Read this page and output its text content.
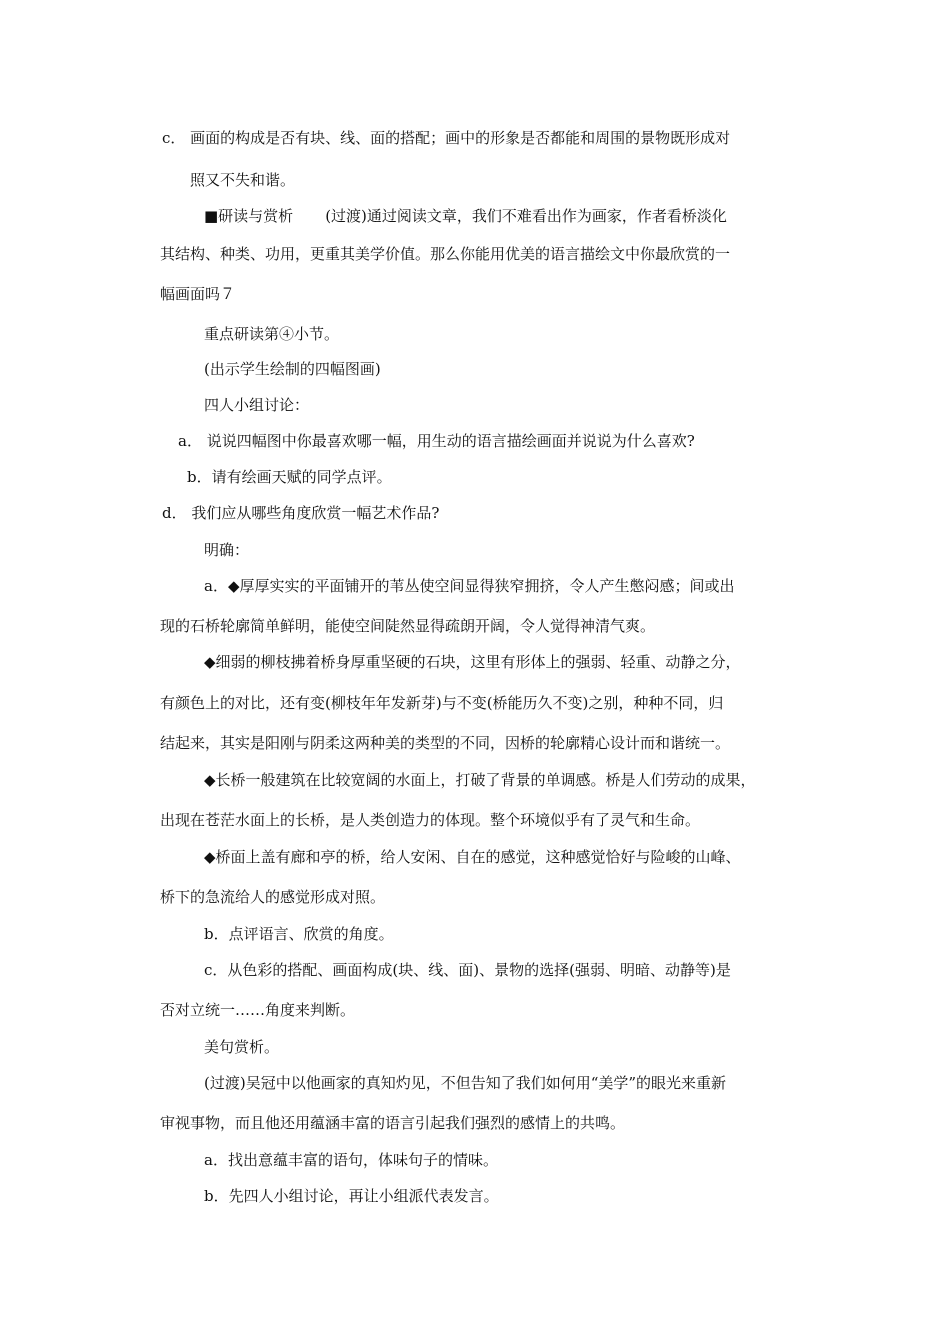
c． 画面的构成是否有块、线、面的搭配；画中的形象是否都能和周围的景物既形成对
照又不失和谐。
■研读与赏析 (过渡)通过阅读文章，我们不难看出作为画家，作者看桥淡化
其结构、种类、功用，更重其美学价值。那么你能用优美的语言描绘文中你最欣赏的一
幅画面吗７
重点研读第④小节。
(出示学生绘制的四幅图画)
四人小组讨论：
a． 说说四幅图中你最喜欢哪一幅，用生动的语言描绘画面并说说为什么喜欢?
b．请有绘画天赋的同学点评。
d． 我们应从哪些角度欣赏一幅艺术作品?
明确：
a．◆厚厚实实的平面铺开的苇丛使空间显得狭窄拥挤，令人产生憋闷感；间或出
现的石桥轮廓简单鲜明，能使空间陡然显得疏朗开阔，令人觉得神清气爽。
◆细弱的柳枝拂着桥身厚重坚硬的石块，这里有形体上的强弱、轻重、动静之分，
有颜色上的对比，还有变(柳枝年年发新芽)与不变(桥能历久不变)之别，种种不同，归
结起来，其实是阳刚与阴柔这两种美的类型的不同，因桥的轮廓精心设计而和谐统一。
◆长桥一般建筑在比较宽阔的水面上，打破了背景的单调感。桥是人们劳动的成果，
出现在苍茫水面上的长桥，是人类创造力的体现。整个环境似乎有了灵气和生命。
◆桥面上盖有廊和亭的桥，给人安闲、自在的感觉，这种感觉恰好与险峻的山峰、
桥下的急流给人的感觉形成对照。
b．点评语言、欣赏的角度。
c．从色彩的搭配、画面构成(块、线、面)、景物的选择(强弱、明暗、动静等)是
否对立统一……角度来判断。
美句赏析。
(过渡)吴冠中以他画家的真知灼见，不但告知了我们如何用“美学”的眼光来重新
审视事物，而且他还用蕴涵丰富的语言引起我们强烈的感情上的共鸣。
a．找出意蕴丰富的语句，体味句子的情味。
b．先四人小组讨论，再让小组派代表发言。
